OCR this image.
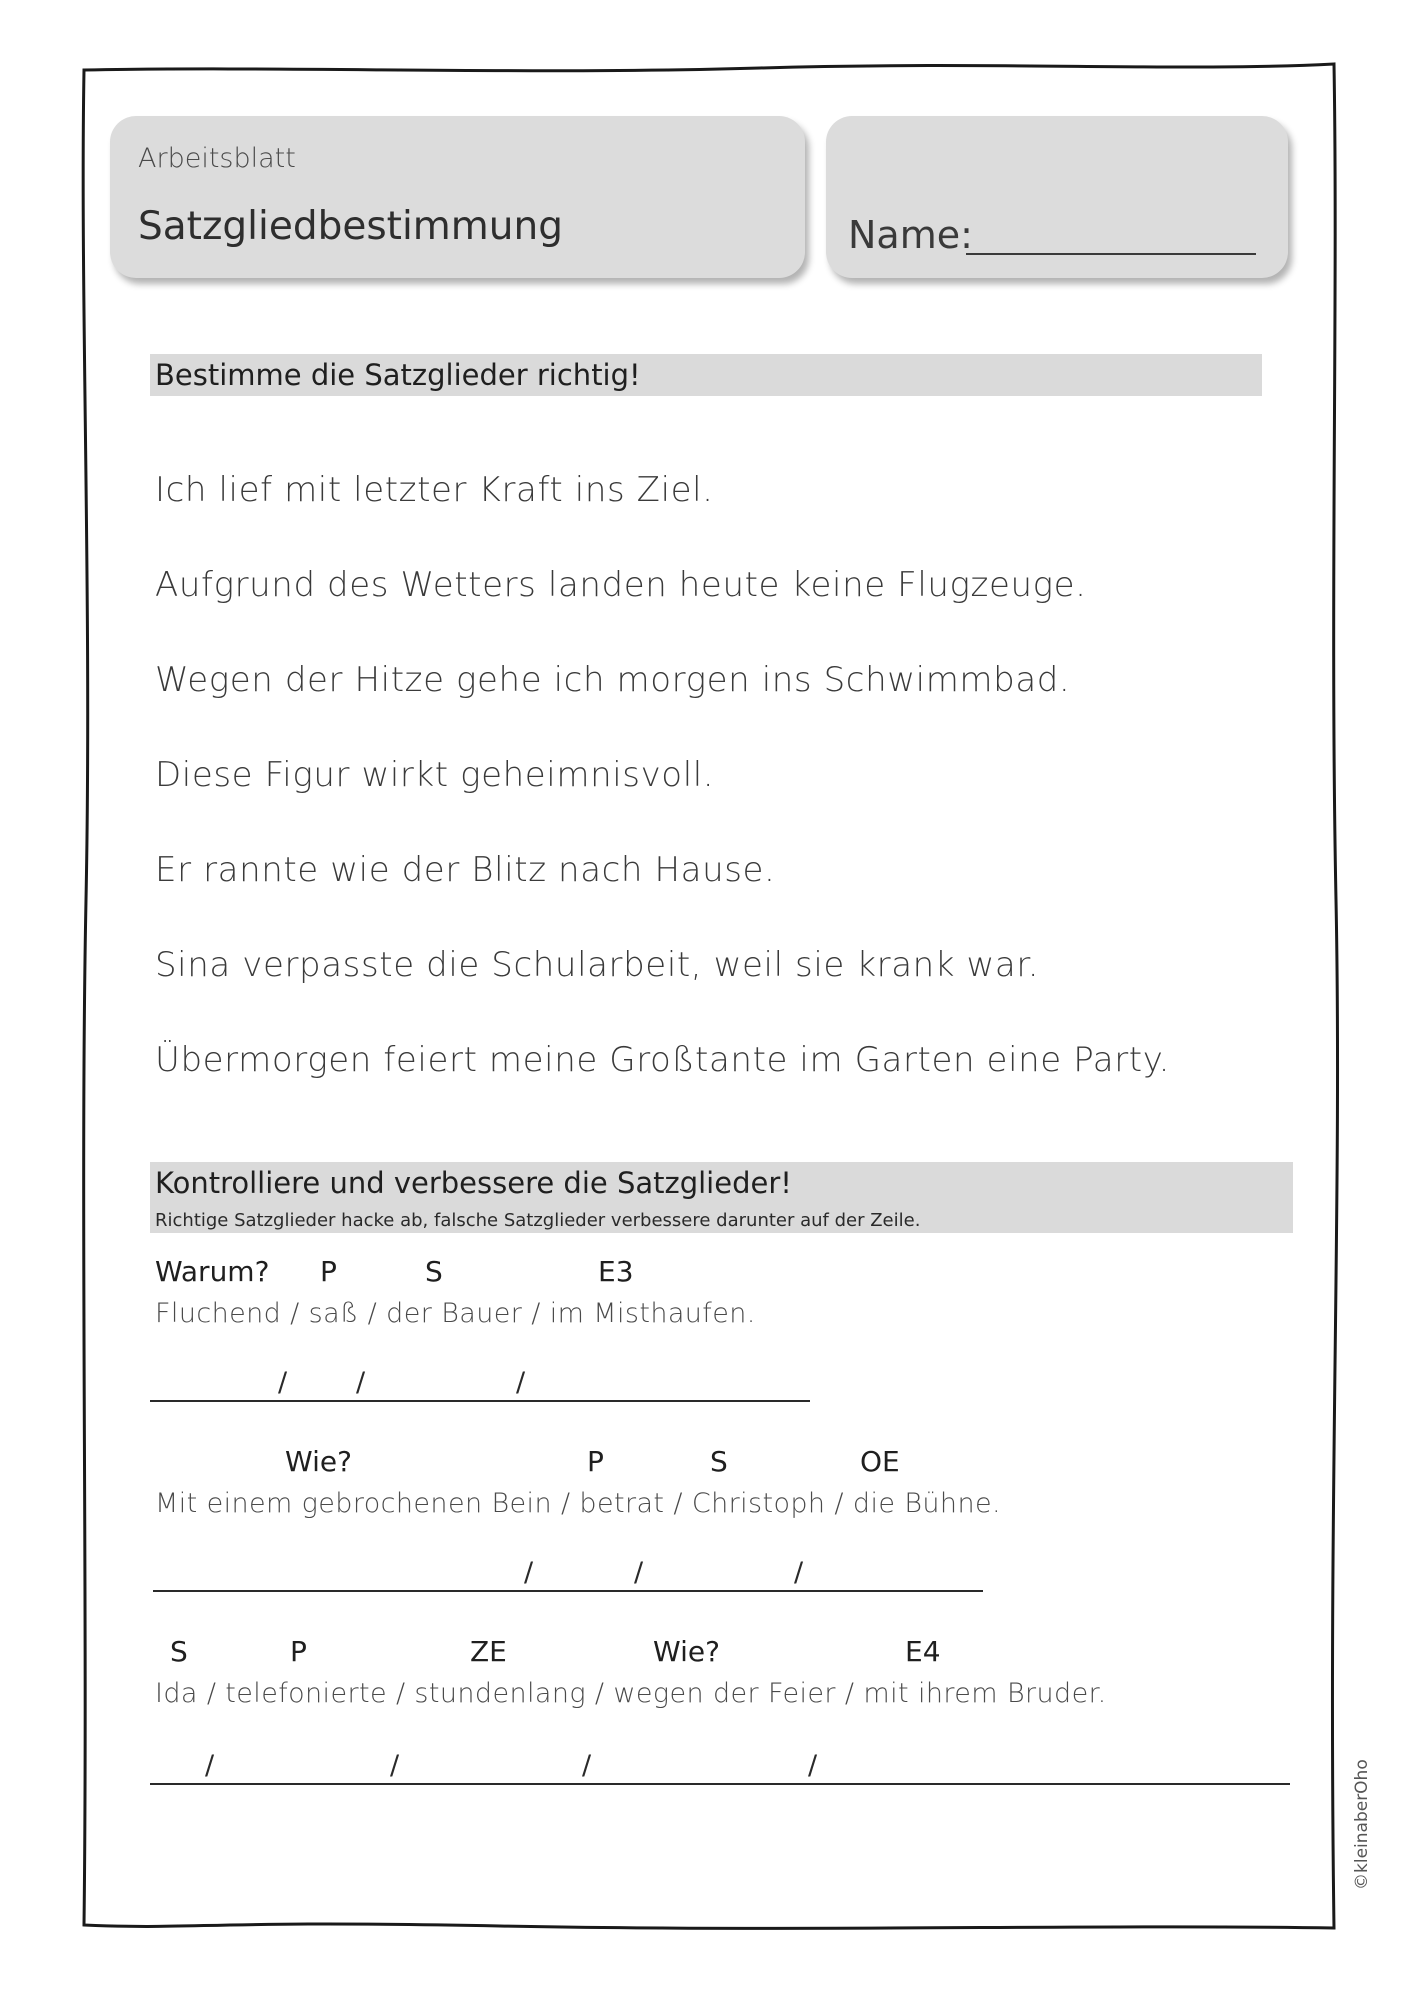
Arbeitsblatt
Satzgliedbestimmung	Name:
Bestimme die Satzglieder richtig!
Ich lief mit letzter Kraft ins Ziel.
Aufgrund des Wetters landen heute keine Flugzeuge.
Wegen der Hitze gehe ich morgen ins Schwimmbad.
Diese Figur wirkt geheimnisvoll.
Er rannte wie der Blitz nach Hause.
Sina verpasste die Schularbeit, weil sie krank war.
Übermorgen feiert meine Großtante im Garten eine Party.
Kontrolliere und verbessere die Satzglieder!
Richtige Satzglieder hacke ab, falsche Satzglieder verbessere darunter auf der Zeile.
Warum? P	S	E3
Fluchend / saß / der Bauer / im Misthaufen.
/	/	/
Wie?	P	S	OE
Mit einem gebrochenen Bein / betrat / Christoph / die Bühne.
/	/	/
S	P	ZE	Wie?	E4
Ida / telefonierte / stundenlang / wegen der Feier / mit ihrem Bruder.
/	/	/	/	©kleinaberOho
